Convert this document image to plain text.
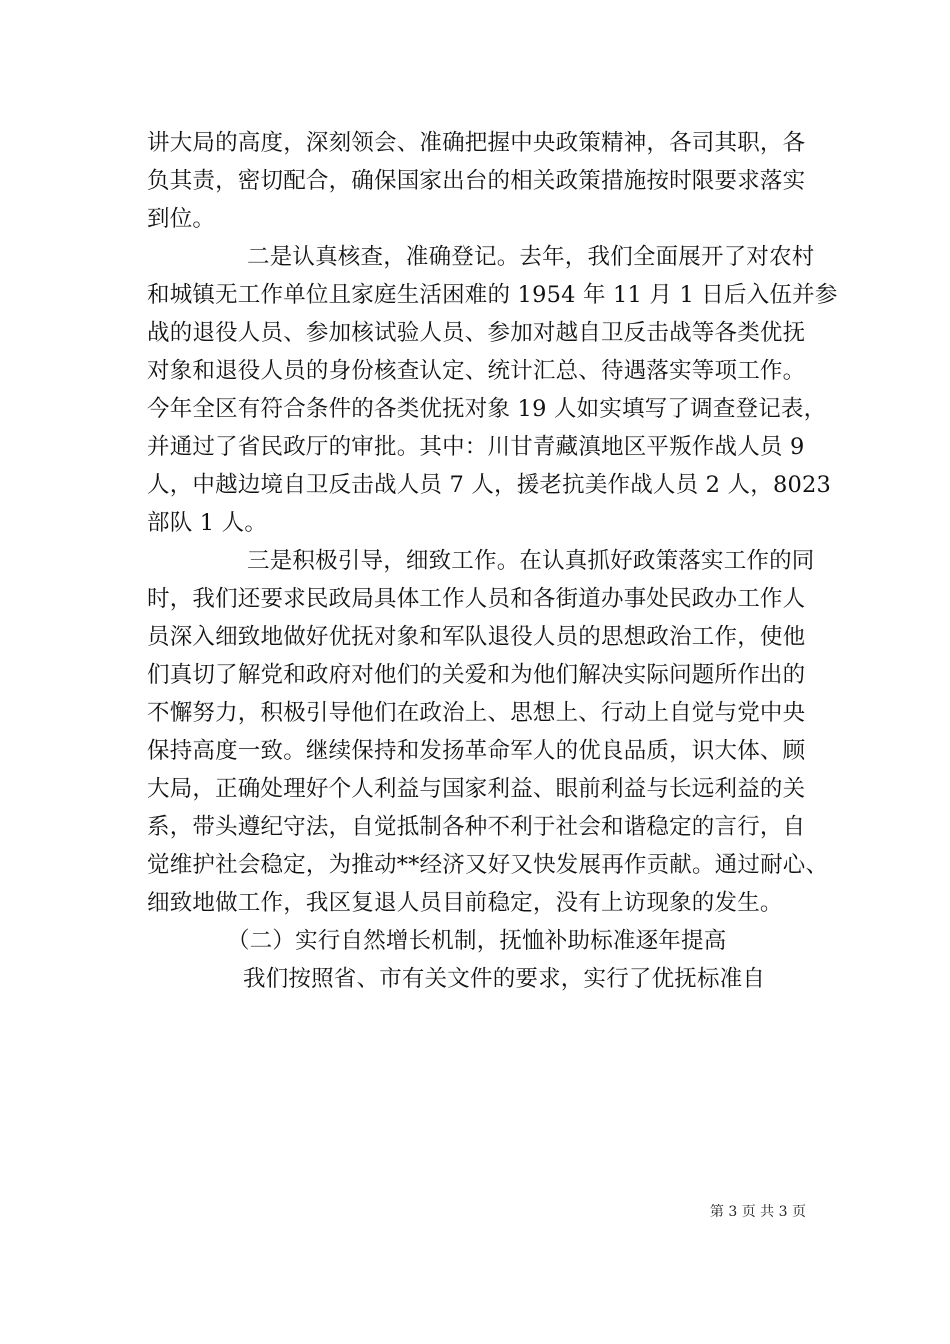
讲大局的高度，深刻领会、准确把握中央政策精神，各司其职，各
负其责，密切配合，确保国家出台的相关政策措施按时限要求落实
到位。
二是认真核查，准确登记。去年，我们全面展开了对农村
和城镇无工作单位且家庭生活困难的 1954 年 11 月 1 日后入伍并参
战的退役人员、参加核试验人员、参加对越自卫反击战等各类优抚
对象和退役人员的身份核查认定、统计汇总、待遇落实等项工作。
今年全区有符合条件的各类优抚对象 19 人如实填写了调查登记表，
并通过了省民政厅的审批。其中：川甘青藏滇地区平叛作战人员 9
人，中越边境自卫反击战人员 7 人，援老抗美作战人员 2 人，8023
部队 1 人。
三是积极引导，细致工作。在认真抓好政策落实工作的同
时，我们还要求民政局具体工作人员和各街道办事处民政办工作人
员深入细致地做好优抚对象和军队退役人员的思想政治工作，使他
们真切了解党和政府对他们的关爱和为他们解决实际问题所作出的
不懈努力，积极引导他们在政治上、思想上、行动上自觉与党中央
保持高度一致。继续保持和发扬革命军人的优良品质，识大体、顾
大局，正确处理好个人利益与国家利益、眼前利益与长远利益的关
系，带头遵纪守法，自觉抵制各种不利于社会和谐稳定的言行，自
觉维护社会稳定，为推动**经济又好又快发展再作贡献。通过耐心、
细致地做工作，我区复退人员目前稳定，没有上访现象的发生。
（二）实行自然增长机制，抚恤补助标准逐年提高
我们按照省、市有关文件的要求，实行了优抚标准自
第 3 页 共 3 页
